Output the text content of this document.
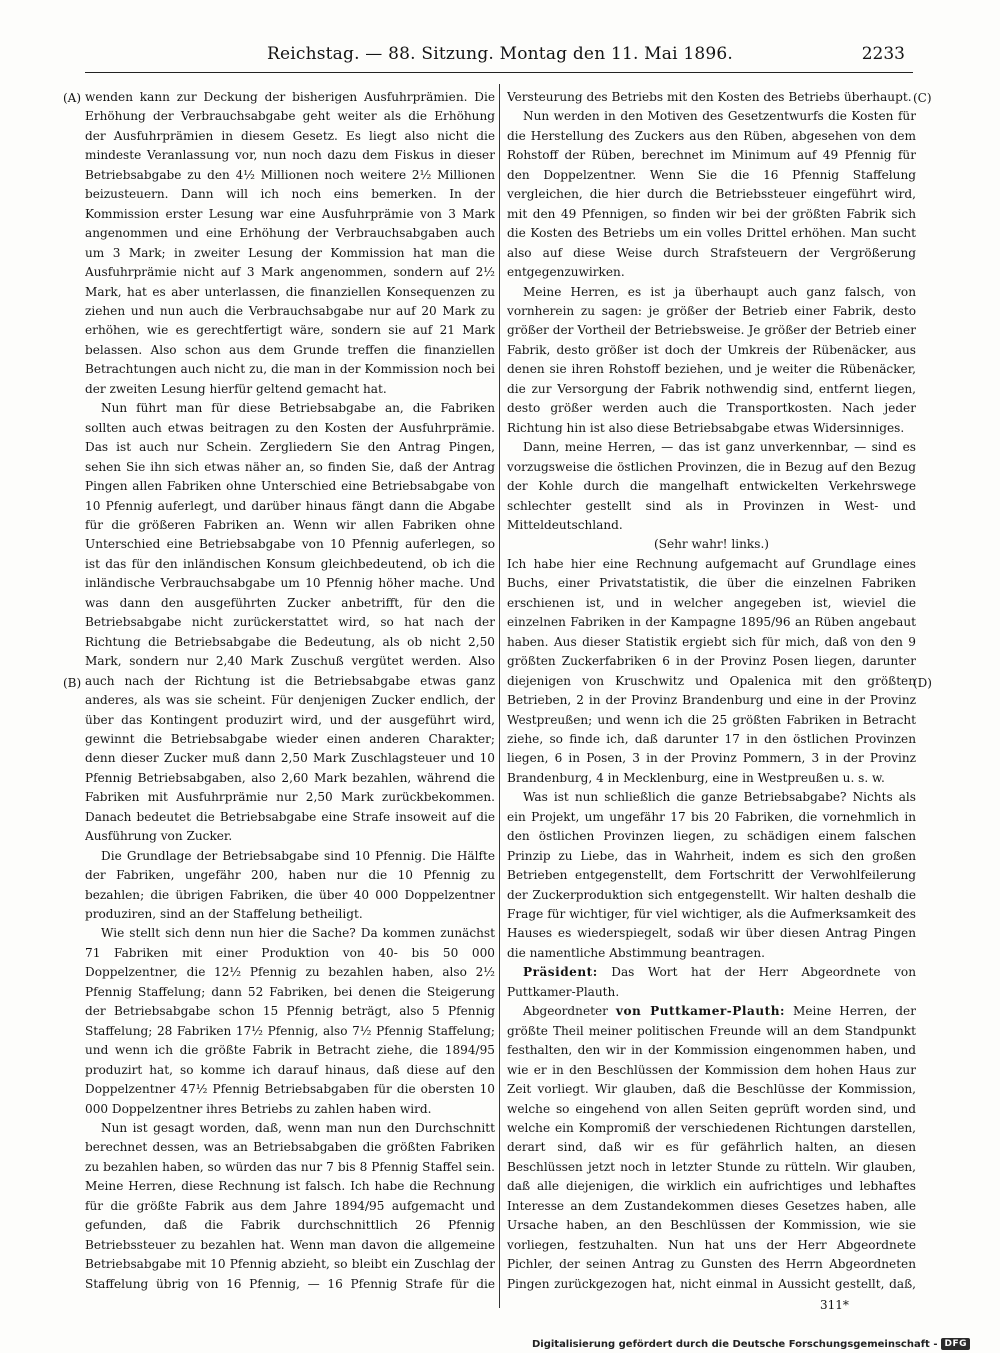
Reichstag. — 88. Sitzung. Montag den 11. Mai 1896.	2233
(A)
(B)
(C)
(D)

wenden kann zur Deckung der bisherigen Ausfuhrprämien. Die Erhöhung der Verbrauchsabgabe geht weiter als die Erhöhung der Ausfuhrprämien in diesem Gesetz. Es liegt also nicht die mindeste Veranlassung vor, nun noch dazu dem Fiskus in dieser Betriebsabgabe zu den 4½ Millionen noch weitere 2½ Millionen beizusteuern. Dann will ich noch eins bemerken. In der Kommission erster Lesung war eine Ausfuhrprämie von 3 Mark angenommen und eine Erhöhung der Verbrauchsabgaben auch um 3 Mark; in zweiter Lesung der Kommission hat man die Ausfuhrprämie nicht auf 3 Mark angenommen, sondern auf 2½ Mark, hat es aber unterlassen, die finanziellen Konsequenzen zu ziehen und nun auch die Verbrauchsabgabe nur auf 20 Mark zu erhöhen, wie es gerechtfertigt wäre, sondern sie auf 21 Mark belassen. Also schon aus dem Grunde treffen die finanziellen Betrachtungen auch nicht zu, die man in der Kommission noch bei der zweiten Lesung hierfür geltend gemacht hat.

Nun führt man für diese Betriebsabgabe an, die Fabriken sollten auch etwas beitragen zu den Kosten der Ausfuhrprämie. Das ist auch nur Schein. Zergliedern Sie den Antrag Pingen, sehen Sie ihn sich etwas näher an, so finden Sie, daß der Antrag Pingen allen Fabriken ohne Unterschied eine Betriebsabgabe von 10 Pfennig auferlegt, und darüber hinaus fängt dann die Abgabe für die größeren Fabriken an. Wenn wir allen Fabriken ohne Unterschied eine Betriebsabgabe von 10 Pfennig auferlegen, so ist das für den inländischen Konsum gleichbedeutend, ob ich die inländische Verbrauchsabgabe um 10 Pfennig höher mache. Und was dann den ausgeführten Zucker anbetrifft, für den die Betriebsabgabe nicht zurückerstattet wird, so hat nach der Richtung die Betriebsabgabe die Bedeutung, als ob nicht 2,50 Mark, sondern nur 2,40 Mark Zuschuß vergütet werden. Also auch nach der Richtung ist die Betriebsabgabe etwas ganz anderes, als was sie scheint. Für denjenigen Zucker endlich, der über das Kontingent produzirt wird, und der ausgeführt wird, gewinnt die Betriebsabgabe wieder einen anderen Charakter; denn dieser Zucker muß dann 2,50 Mark Zuschlagsteuer und 10 Pfennig Betriebsabgaben, also 2,60 Mark bezahlen, während die Fabriken mit Ausfuhrprämie nur 2,50 Mark zurückbekommen. Danach bedeutet die Betriebsabgabe eine Strafe insoweit auf die Ausführung von Zucker.

Die Grundlage der Betriebsabgabe sind 10 Pfennig. Die Hälfte der Fabriken, ungefähr 200, haben nur die 10 Pfennig zu bezahlen; die übrigen Fabriken, die über 40 000 Doppelzentner produziren, sind an der Staffelung betheiligt.

Wie stellt sich denn nun hier die Sache? Da kommen zunächst 71 Fabriken mit einer Produktion von 40- bis 50 000 Doppelzentner, die 12½ Pfennig zu bezahlen haben, also 2½ Pfennig Staffelung; dann 52 Fabriken, bei denen die Steigerung der Betriebsabgabe schon 15 Pfennig beträgt, also 5 Pfennig Staffelung; 28 Fabriken 17½ Pfennig, also 7½ Pfennig Staffelung; und wenn ich die größte Fabrik in Betracht ziehe, die 1894/95 produzirt hat, so komme ich darauf hinaus, daß diese auf den Doppelzentner 47½ Pfennig Betriebsabgaben für die obersten 10 000 Doppelzentner ihres Betriebs zu zahlen haben wird.

Nun ist gesagt worden, daß, wenn man nun den Durchschnitt berechnet dessen, was an Betriebsabgaben die größten Fabriken zu bezahlen haben, so würden das nur 7 bis 8 Pfennig Staffel sein. Meine Herren, diese Rechnung ist falsch. Ich habe die Rechnung für die größte Fabrik aus dem Jahre 1894/95 aufgemacht und gefunden, daß die Fabrik durchschnittlich 26 Pfennig Betriebssteuer zu bezahlen hat. Wenn man davon die allgemeine Betriebsabgabe mit 10 Pfennig abzieht, so bleibt ein Zuschlag der Staffelung übrig von 16 Pfennig, — 16 Pfennig Strafe für die

Versteurung des Betriebs mit den Kosten des Betriebs überhaupt.

Nun werden in den Motiven des Gesetzentwurfs die Kosten für die Herstellung des Zuckers aus den Rüben, abgesehen von dem Rohstoff der Rüben, berechnet im Minimum auf 49 Pfennig für den Doppelzentner. Wenn Sie die 16 Pfennig Staffelung vergleichen, die hier durch die Betriebssteuer eingeführt wird, mit den 49 Pfennigen, so finden wir bei der größten Fabrik sich die Kosten des Betriebs um ein volles Drittel erhöhen. Man sucht also auf diese Weise durch Strafsteuern der Vergrößerung entgegenzuwirken.

Meine Herren, es ist ja überhaupt auch ganz falsch, von vornherein zu sagen: je größer der Betrieb einer Fabrik, desto größer der Vortheil der Betriebsweise. Je größer der Betrieb einer Fabrik, desto größer ist doch der Umkreis der Rübenäcker, aus denen sie ihren Rohstoff beziehen, und je weiter die Rübenäcker, die zur Versorgung der Fabrik nothwendig sind, entfernt liegen, desto größer werden auch die Transportkosten. Nach jeder Richtung hin ist also diese Betriebsabgabe etwas Widersinniges.

Dann, meine Herren, — das ist ganz unverkennbar, — sind es vorzugsweise die östlichen Provinzen, die in Bezug auf den Bezug der Kohle durch die mangelhaft entwickelten Verkehrswege schlechter gestellt sind als in Provinzen in West- und Mitteldeutschland.

(Sehr wahr! links.)

Ich habe hier eine Rechnung aufgemacht auf Grundlage eines Buchs, einer Privatstatistik, die über die einzelnen Fabriken erschienen ist, und in welcher angegeben ist, wieviel die einzelnen Fabriken in der Kampagne 1895/96 an Rüben angebaut haben. Aus dieser Statistik ergiebt sich für mich, daß von den 9 größten Zuckerfabriken 6 in der Provinz Posen liegen, darunter diejenigen von Kruschwitz und Opalenica mit den größten Betrieben, 2 in der Provinz Brandenburg und eine in der Provinz Westpreußen; und wenn ich die 25 größten Fabriken in Betracht ziehe, so finde ich, daß darunter 17 in den östlichen Provinzen liegen, 6 in Posen, 3 in der Provinz Pommern, 3 in der Provinz Brandenburg, 4 in Mecklenburg, eine in Westpreußen u. s. w.

Was ist nun schließlich die ganze Betriebsabgabe? Nichts als ein Projekt, um ungefähr 17 bis 20 Fabriken, die vornehmlich in den östlichen Provinzen liegen, zu schädigen einem falschen Prinzip zu Liebe, das in Wahrheit, indem es sich den großen Betrieben entgegenstellt, dem Fortschritt der Verwohlfeilerung der Zuckerproduktion sich entgegenstellt. Wir halten deshalb die Frage für wichtiger, für viel wichtiger, als die Aufmerksamkeit des Hauses es wiederspiegelt, sodaß wir über diesen Antrag Pingen die namentliche Abstimmung beantragen.

Präsident: Das Wort hat der Herr Abgeordnete von Puttkamer-Plauth.

Abgeordneter von Puttkamer-Plauth: Meine Herren, der größte Theil meiner politischen Freunde will an dem Standpunkt festhalten, den wir in der Kommission eingenommen haben, und wie er in den Beschlüssen der Kommission dem hohen Haus zur Zeit vorliegt. Wir glauben, daß die Beschlüsse der Kommission, welche so eingehend von allen Seiten geprüft worden sind, und welche ein Kompromiß der verschiedenen Richtungen darstellen, derart sind, daß wir es für gefährlich halten, an diesen Beschlüssen jetzt noch in letzter Stunde zu rütteln. Wir glauben, daß alle diejenigen, die wirklich ein aufrichtiges und lebhaftes Interesse an dem Zustandekommen dieses Gesetzes haben, alle Ursache haben, an den Beschlüssen der Kommission, wie sie vorliegen, festzuhalten. Nun hat uns der Herr Abgeordnete Pichler, der seinen Antrag zu Gunsten des Herrn Abgeordneten Pingen zurückgezogen hat, nicht einmal in Aussicht gestellt, daß,

311*
Digitalisierung gefördert durch die Deutsche Forschungsgemeinschaft - DFG
